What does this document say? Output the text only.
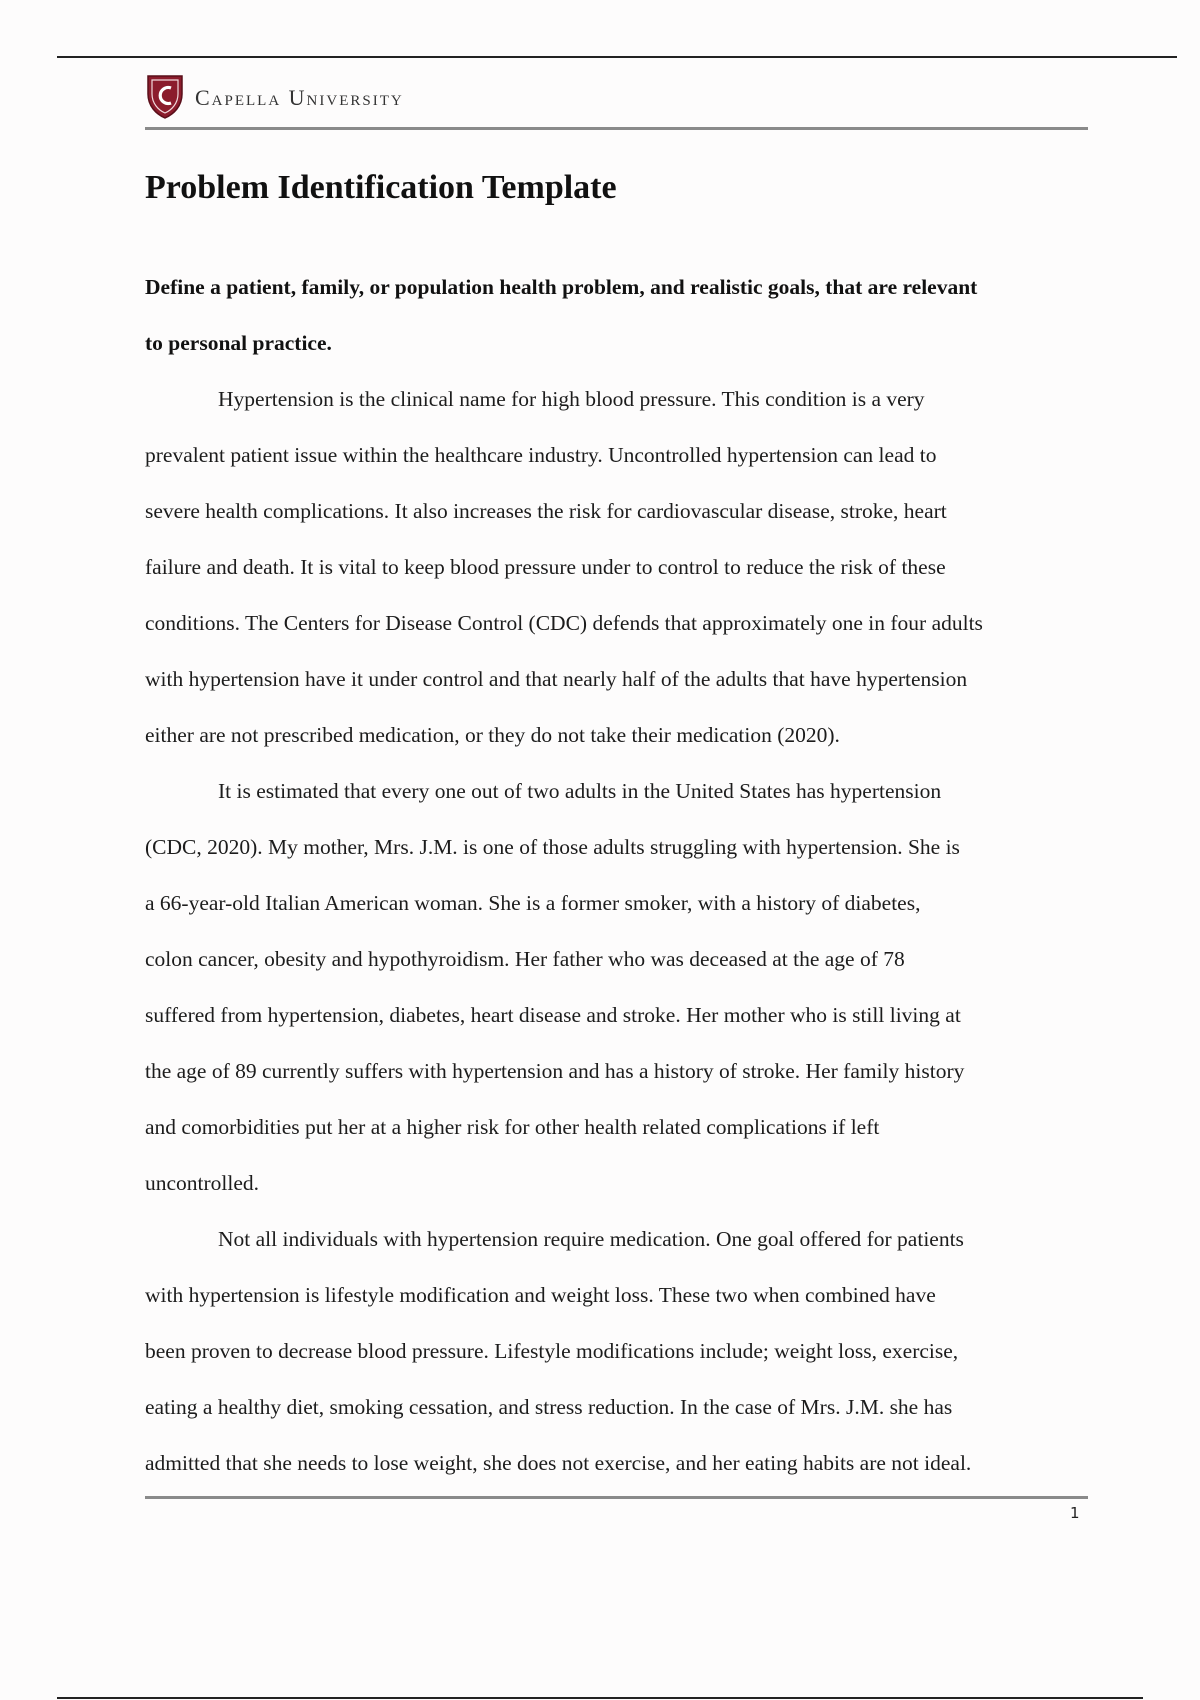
Capella University
Problem Identification Template
Define a patient, family, or population health problem, and realistic goals, that are relevant
to personal practice.
Hypertension is the clinical name for high blood pressure. This condition is a very
prevalent patient issue within the healthcare industry. Uncontrolled hypertension can lead to
severe health complications. It also increases the risk for cardiovascular disease, stroke, heart
failure and death. It is vital to keep blood pressure under to control to reduce the risk of these
conditions. The Centers for Disease Control (CDC) defends that approximately one in four adults
with hypertension have it under control and that nearly half of the adults that have hypertension
either are not prescribed medication, or they do not take their medication (2020).
It is estimated that every one out of two adults in the United States has hypertension
(CDC, 2020). My mother, Mrs. J.M. is one of those adults struggling with hypertension. She is
a 66-year-old Italian American woman. She is a former smoker, with a history of diabetes,
colon cancer, obesity and hypothyroidism. Her father who was deceased at the age of 78
suffered from hypertension, diabetes, heart disease and stroke. Her mother who is still living at
the age of 89 currently suffers with hypertension and has a history of stroke. Her family history
and comorbidities put her at a higher risk for other health related complications if left
uncontrolled.
Not all individuals with hypertension require medication. One goal offered for patients
with hypertension is lifestyle modification and weight loss. These two when combined have
been proven to decrease blood pressure. Lifestyle modifications include; weight loss, exercise,
eating a healthy diet, smoking cessation, and stress reduction. In the case of Mrs. J.M. she has
admitted that she needs to lose weight, she does not exercise, and her eating habits are not ideal.
1
